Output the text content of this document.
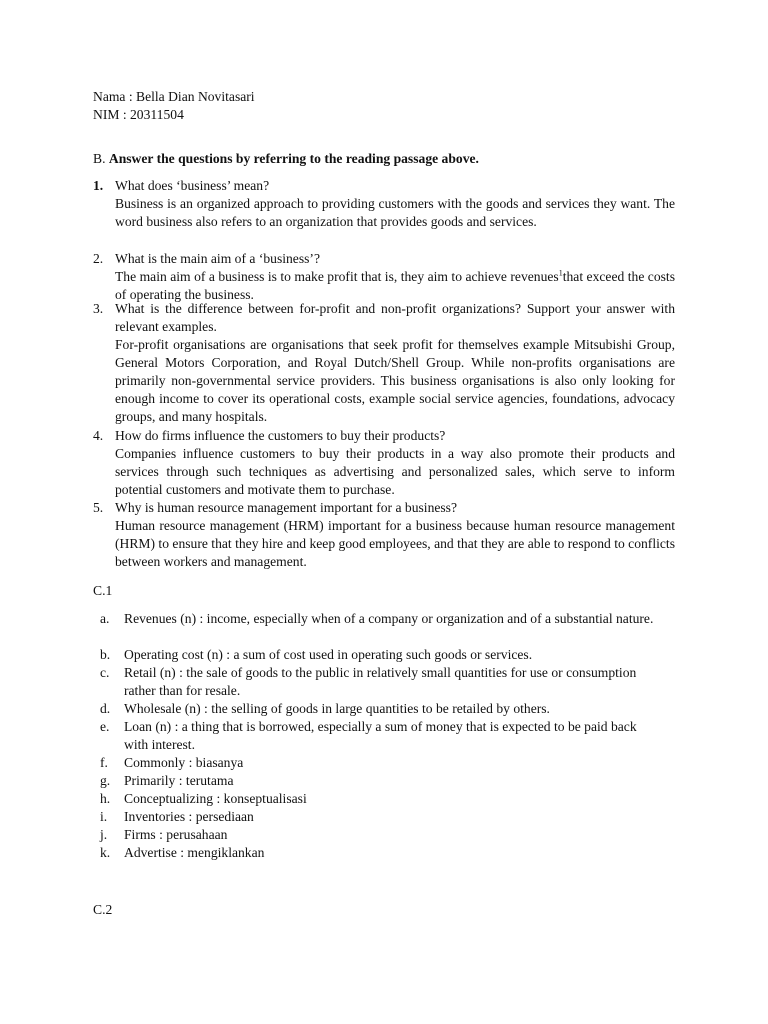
Nama : Bella Dian Novitasari
NIM : 20311504
B. Answer the questions by referring to the reading passage above.
1. What does ‘business’ mean?

Business is an organized approach to providing customers with the goods and services they want. The word business also refers to an organization that provides goods and services.

2. What is the main aim of a ‘business’?

The main aim of a business is to make profit that is, they aim to achieve revenues$^1$that exceed the costs of operating the business.

3. What is the difference between for-profit and non-profit organizations? Support your answer with relevant examples.

For-profit organisations are organisations that seek profit for themselves example Mitsubishi Group, General Motors Corporation, and Royal Dutch/Shell Group. While non-profits organisations are primarily non-governmental service providers. This business organisations is also only looking for enough income to cover its operational costs, example social service agencies, foundations, advocacy groups, and many hospitals.

4. How do firms influence the customers to buy their products?

Companies influence customers to buy their products in a way also promote their products and services through such techniques as advertising and personalized sales, which serve to inform potential customers and motivate them to purchase.

5. Why is human resource management important for a business?

Human resource management (HRM) important for a business because human resource management (HRM) to ensure that they hire and keep good employees, and that they are able to respond to conflicts between workers and management.

C.1
a. Revenues (n) : income, especially when of a company or organization and of a substantial nature.

b. Operating cost (n) : a sum of cost used in operating such goods or services.

c. Retail (n) : the sale of goods to the public in relatively small quantities for use or consumption rather than for resale.

d. Wholesale (n) : the selling of goods in large quantities to be retailed by others.

e. Loan (n) : a thing that is borrowed, especially a sum of money that is expected to be paid back with interest.

f. Commonly : biasanya

g. Primarily : terutama

h. Conceptualizing : konseptualisasi

i. Inventories : persediaan

j. Firms : perusahaan

k. Advertise : mengiklankan

C.2
